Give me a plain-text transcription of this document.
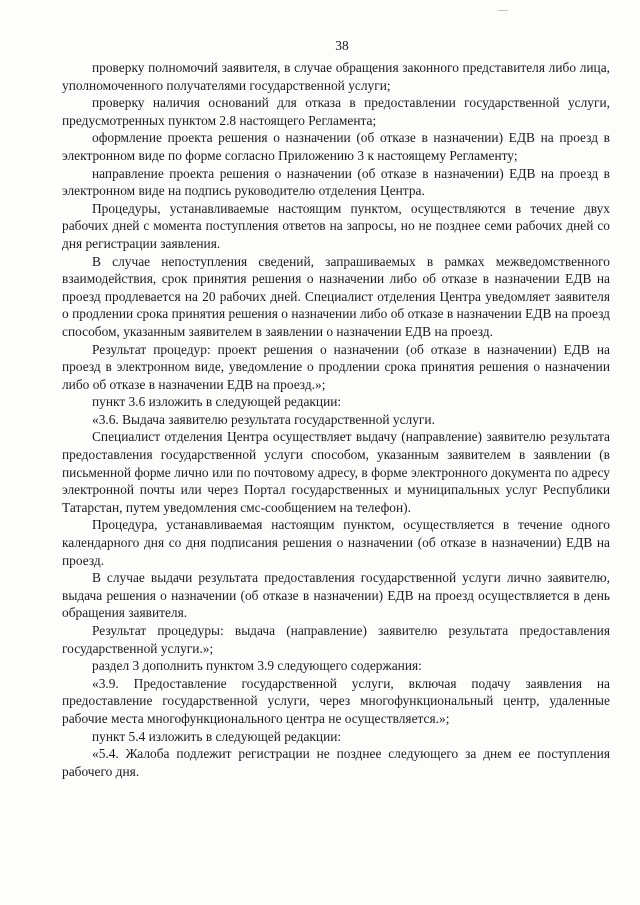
38

проверку полномочий заявителя, в случае обращения законного представителя либо лица, уполномоченного получателями государственной услуги;

проверку наличия оснований для отказа в предоставлении государственной услуги, предусмотренных пунктом 2.8 настоящего Регламента;

оформление проекта решения о назначении (об отказе в назначении) ЕДВ на проезд в электронном виде по форме согласно Приложению 3 к настоящему Регламенту;

направление проекта решения о назначении (об отказе в назначении) ЕДВ на проезд в электронном виде на подпись руководителю отделения Центра.

Процедуры, устанавливаемые настоящим пунктом, осуществляются в течение двух рабочих дней с момента поступления ответов на запросы, но не позднее семи рабочих дней со дня регистрации заявления.

В случае непоступления сведений, запрашиваемых в рамках межведомственного взаимодействия, срок принятия решения о назначении либо об отказе в назначении ЕДВ на проезд продлевается на 20 рабочих дней. Специалист отделения Центра уведомляет заявителя о продлении срока принятия решения о назначении либо об отказе в назначении ЕДВ на проезд способом, указанным заявителем в заявлении о назначении ЕДВ на проезд.

Результат процедур: проект решения о назначении (об отказе в назначении) ЕДВ на проезд в электронном виде, уведомление о продлении срока принятия решения о назначении либо об отказе в назначении ЕДВ на проезд.»;

пункт 3.6 изложить в следующей редакции:

«3.6. Выдача заявителю результата государственной услуги.

Специалист отделения Центра осуществляет выдачу (направление) заявителю результата предоставления государственной услуги способом, указанным заявителем в заявлении (в письменной форме лично или по почтовому адресу, в форме электронного документа по адресу электронной почты или через Портал государственных и муниципальных услуг Республики Татарстан, путем уведомления смс-сообщением на телефон).

Процедура, устанавливаемая настоящим пунктом, осуществляется в течение одного календарного дня со дня подписания решения о назначении (об отказе в назначении) ЕДВ на проезд.

В случае выдачи результата предоставления государственной услуги лично заявителю, выдача решения о назначении (об отказе в назначении) ЕДВ на проезд осуществляется в день обращения заявителя.

Результат процедуры: выдача (направление) заявителю результата предоставления государственной услуги.»;

раздел 3 дополнить пунктом 3.9 следующего содержания:

«3.9. Предоставление государственной услуги, включая подачу заявления на предоставление государственной услуги, через многофункциональный центр, удаленные рабочие места многофункционального центра не осуществляется.»;

пункт 5.4 изложить в следующей редакции:

«5.4. Жалоба подлежит регистрации не позднее следующего за днем ее поступления рабочего дня.
